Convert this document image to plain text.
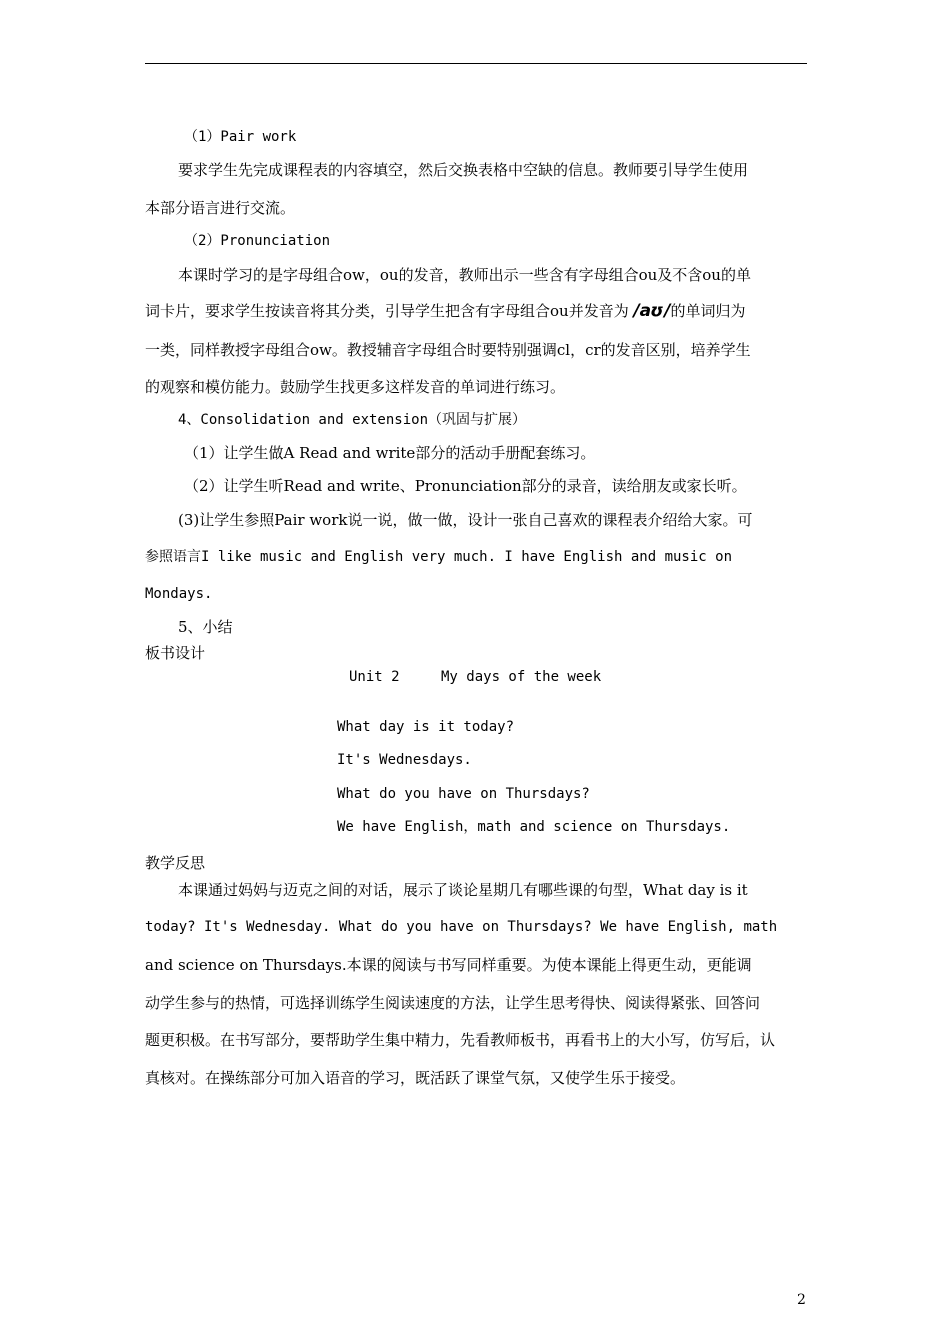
（1）Pair work
要求学生先完成课程表的内容填空，然后交换表格中空缺的信息。教师要引导学生使用
本部分语言进行交流。
（2）Pronunciation
本课时学习的是字母组合ow，ou的发音，教师出示一些含有字母组合ou及不含ou的单
词卡片，要求学生按读音将其分类，引导学生把含有字母组合ou并发音为 /aʊ/的单词归为
一类，同样教授字母组合ow。教授辅音字母组合时要特别强调cl，cr的发音区别，培养学生
的观察和模仿能力。鼓励学生找更多这样发音的单词进行练习。
4、Consolidation and extension（巩固与扩展）
（1）让学生做A Read and write部分的活动手册配套练习。
（2）让学生听Read and write、Pronunciation部分的录音，读给朋友或家长听。
(3)让学生参照Pair work说一说，做一做，设计一张自己喜欢的课程表介绍给大家。可
参照语言I like music and English very much. I have English and music on
Mondays.
5、小结
板书设计
Unit 2	My days of the week
What day is it today?
It's Wednesdays.
What do you have on Thursdays?
We have English，math and science on Thursdays.
教学反思
本课通过妈妈与迈克之间的对话，展示了谈论星期几有哪些课的句型，What day is it
today? It's Wednesday. What do you have on Thursdays? We have English, math
and science on Thursdays.本课的阅读与书写同样重要。为使本课能上得更生动，更能调
动学生参与的热情，可选择训练学生阅读速度的方法，让学生思考得快、阅读得紧张、回答问
题更积极。在书写部分，要帮助学生集中精力，先看教师板书，再看书上的大小写，仿写后，认
真核对。在操练部分可加入语音的学习，既活跃了课堂气氛，又使学生乐于接受。
2
